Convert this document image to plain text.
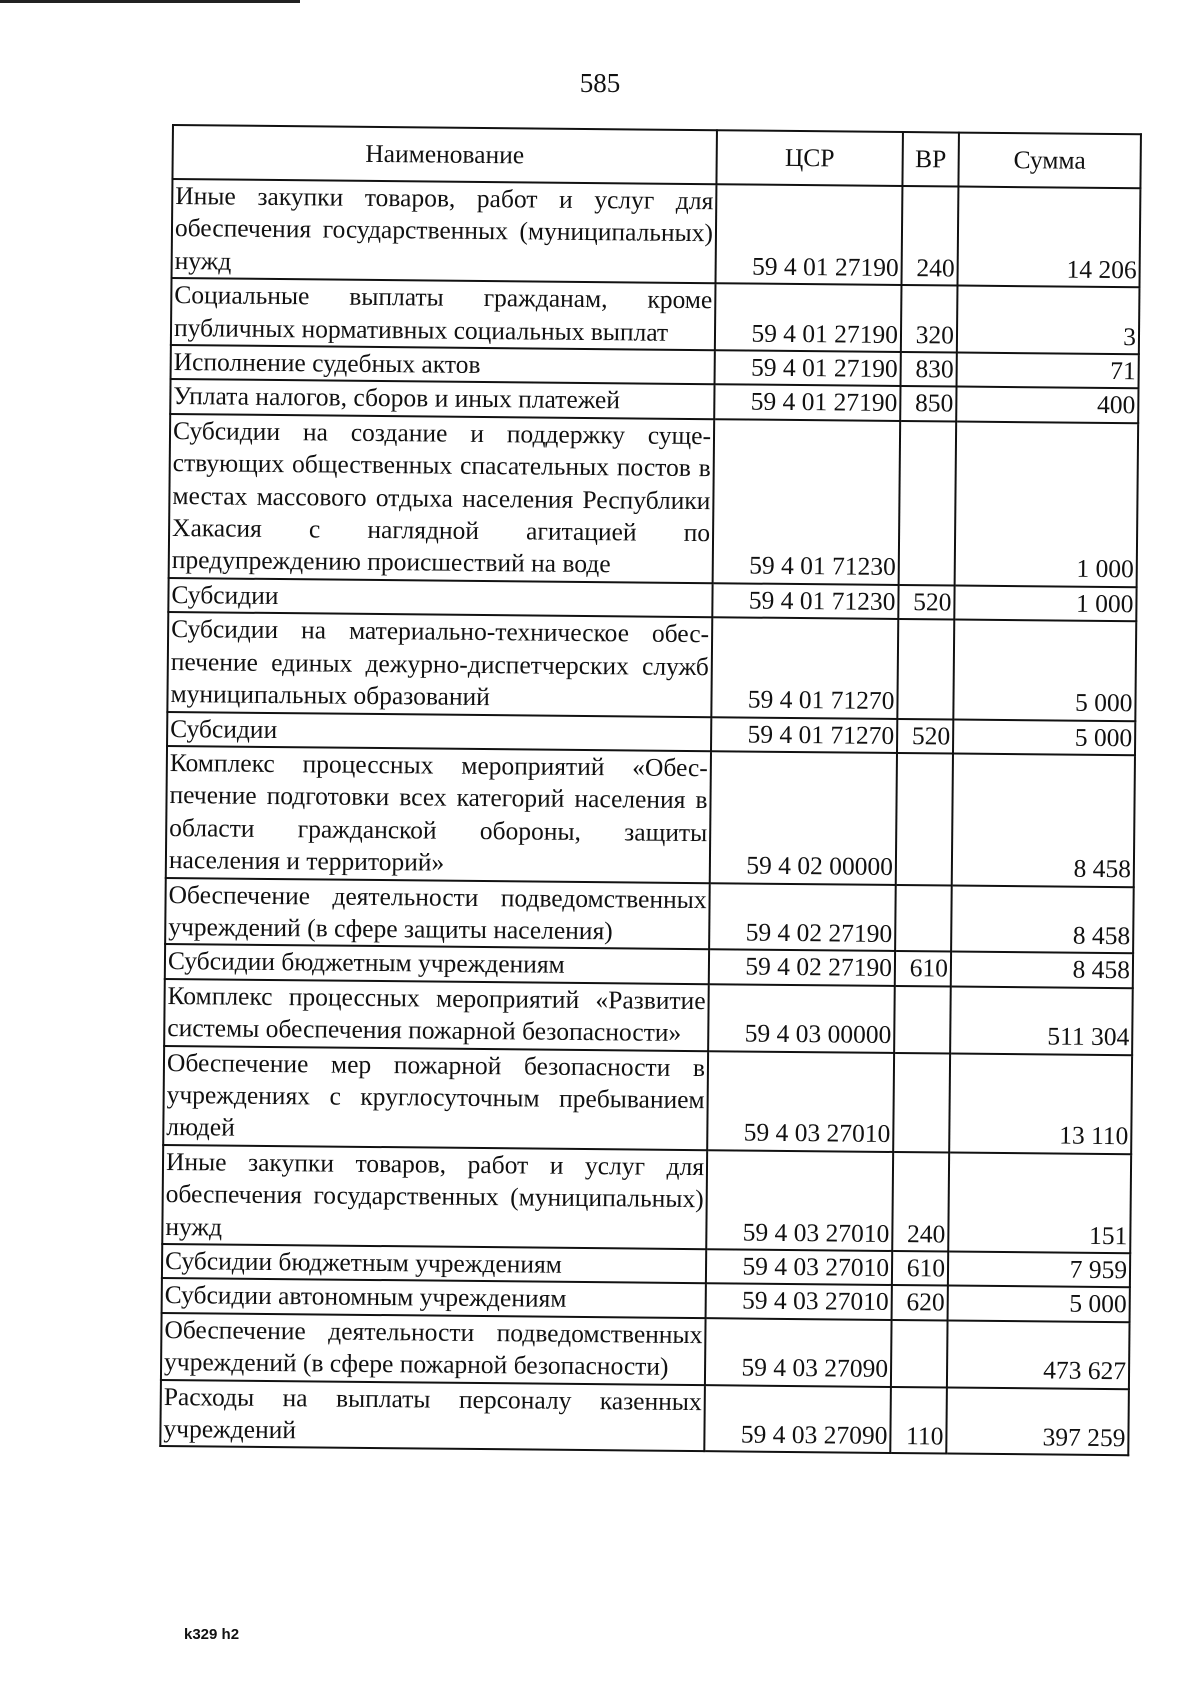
585
Наименование	ЦСР	ВР	Сумма
Иные закупки товаров, работ и услуг для обеспечения государственных (муниципальных) нужд	59 4 01 27190	240	14 206
Социальные выплаты гражданам, кроме публичных нормативных социальных выплат	59 4 01 27190	320	3
Исполнение судебных актов	59 4 01 27190	830	71
Уплата налогов, сборов и иных платежей	59 4 01 27190	850	400
Субсидии на создание и поддержку существующих общественных спасательных постов в местах массового отдыха населения Республики Хакасия с наглядной агитацией по предупреждению происшествий на воде	59 4 01 71230		1 000
Субсидии	59 4 01 71230	520	1 000
Субсидии на материально-техническое обеспечение единых дежурно-диспетчерских служб муниципальных образований	59 4 01 71270		5 000
Субсидии	59 4 01 71270	520	5 000
Комплекс процессных мероприятий «Обеспечение подготовки всех категорий населения в области гражданской обороны, защиты населения и территорий»	59 4 02 00000		8 458
Обеспечение деятельности подведомственных учреждений (в сфере защиты населения)	59 4 02 27190		8 458
Субсидии бюджетным учреждениям	59 4 02 27190	610	8 458
Комплекс процессных мероприятий «Развитие системы обеспечения пожарной безопасности»	59 4 03 00000		511 304
Обеспечение мер пожарной безопасности в учреждениях с круглосуточным пребыванием людей	59 4 03 27010		13 110
Иные закупки товаров, работ и услуг для обеспечения государственных (муниципальных) нужд	59 4 03 27010	240	151
Субсидии бюджетным учреждениям	59 4 03 27010	610	7 959
Субсидии автономным учреждениям	59 4 03 27010	620	5 000
Обеспечение деятельности подведомственных учреждений (в сфере пожарной безопасности)	59 4 03 27090		473 627
Расходы на выплаты персоналу казенных учреждений	59 4 03 27090	110	397 259
k329 h2
